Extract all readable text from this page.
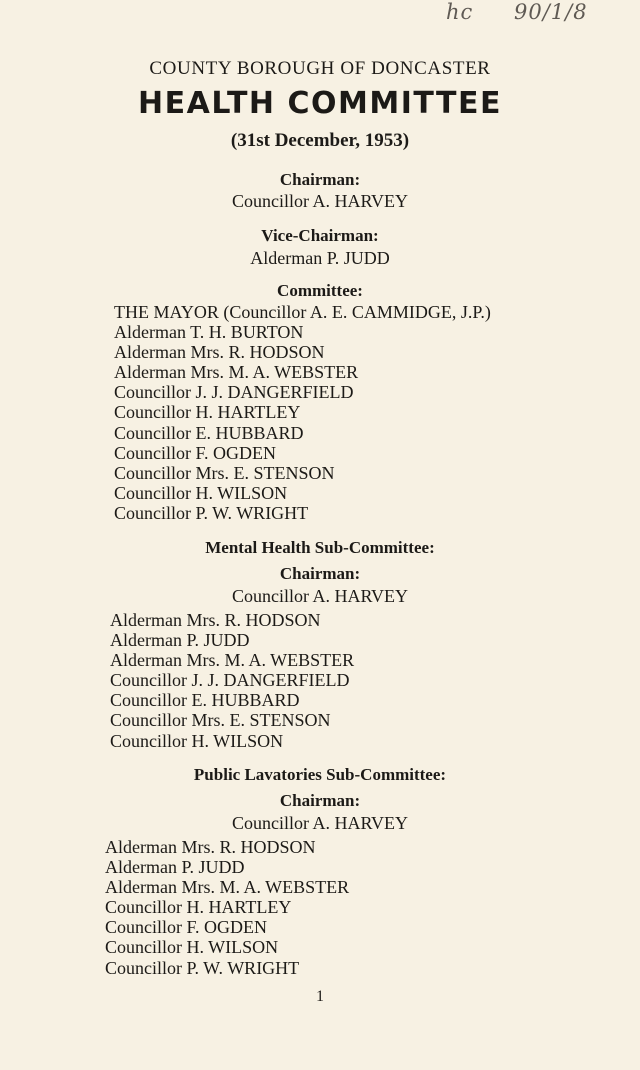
hc 90/1/8
COUNTY BOROUGH OF DONCASTER
HEALTH COMMITTEE
(31st December, 1953)
Chairman:
Councillor A. HARVEY
Vice-Chairman:
Alderman P. JUDD
Committee:
THE MAYOR (Councillor A. E. CAMMIDGE, J.P.)
Alderman T. H. BURTON
Alderman Mrs. R. HODSON
Alderman Mrs. M. A. WEBSTER
Councillor J. J. DANGERFIELD
Councillor H. HARTLEY
Councillor E. HUBBARD
Councillor F. OGDEN
Councillor Mrs. E. STENSON
Councillor H. WILSON
Councillor P. W. WRIGHT
Mental Health Sub-Committee:
Chairman:
Councillor A. HARVEY
Alderman Mrs. R. HODSON
Alderman P. JUDD
Alderman Mrs. M. A. WEBSTER
Councillor J. J. DANGERFIELD
Councillor E. HUBBARD
Councillor Mrs. E. STENSON
Councillor H. WILSON
Public Lavatories Sub-Committee:
Chairman:
Councillor A. HARVEY
Alderman Mrs. R. HODSON
Alderman P. JUDD
Alderman Mrs. M. A. WEBSTER
Councillor H. HARTLEY
Councillor F. OGDEN
Councillor H. WILSON
Councillor P. W. WRIGHT
1
